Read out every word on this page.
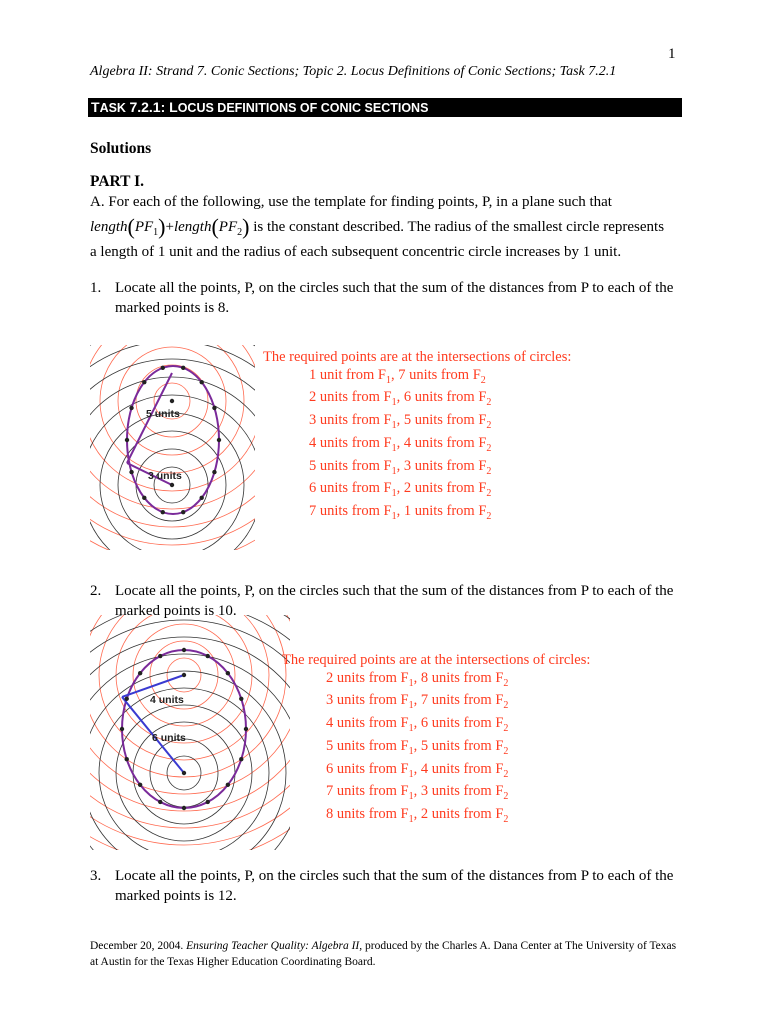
1
Algebra II: Strand 7. Conic Sections; Topic 2. Locus Definitions of Conic Sections; Task 7.2.1
TASK 7.2.1: LOCUS DEFINITIONS OF CONIC SECTIONS
Solutions
PART I.
A. For each of the following, use the template for finding points, P, in a plane such that
$length(PF_1)+length(PF_2)$ is the constant described. The radius of the smallest circle represents
a length of 1 unit and the radius of each subsequent concentric circle increases by 1 unit.
1. Locate all the points, P, on the circles such that the sum of the distances from P to each of the marked points is 8.
5 units
3 units
The required points are at the intersections of circles:
1 unit from $F_1$, 7 units from $F_2$
2 units from $F_1$, 6 units from $F_2$
3 units from $F_1$, 5 units from $F_2$
4 units from $F_1$, 4 units from $F_2$
5 units from $F_1$, 3 units from $F_2$
6 units from $F_1$, 2 units from $F_2$
7 units from $F_1$, 1 units from $F_2$
2. Locate all the points, P, on the circles such that the sum of the distances from P to each of the marked points is 10.
4 units
6 units
The required points are at the intersections of circles:
2 units from $F_1$, 8 units from $F_2$
3 units from $F_1$, 7 units from $F_2$
4 units from $F_1$, 6 units from $F_2$
5 units from $F_1$, 5 units from $F_2$
6 units from $F_1$, 4 units from $F_2$
7 units from $F_1$, 3 units from $F_2$
8 units from $F_1$, 2 units from $F_2$
3. Locate all the points, P, on the circles such that the sum of the distances from P to each of the marked points is 12.
December 20, 2004. Ensuring Teacher Quality: Algebra II, produced by the Charles A. Dana Center at The University of Texas at Austin for the Texas Higher Education Coordinating Board.
